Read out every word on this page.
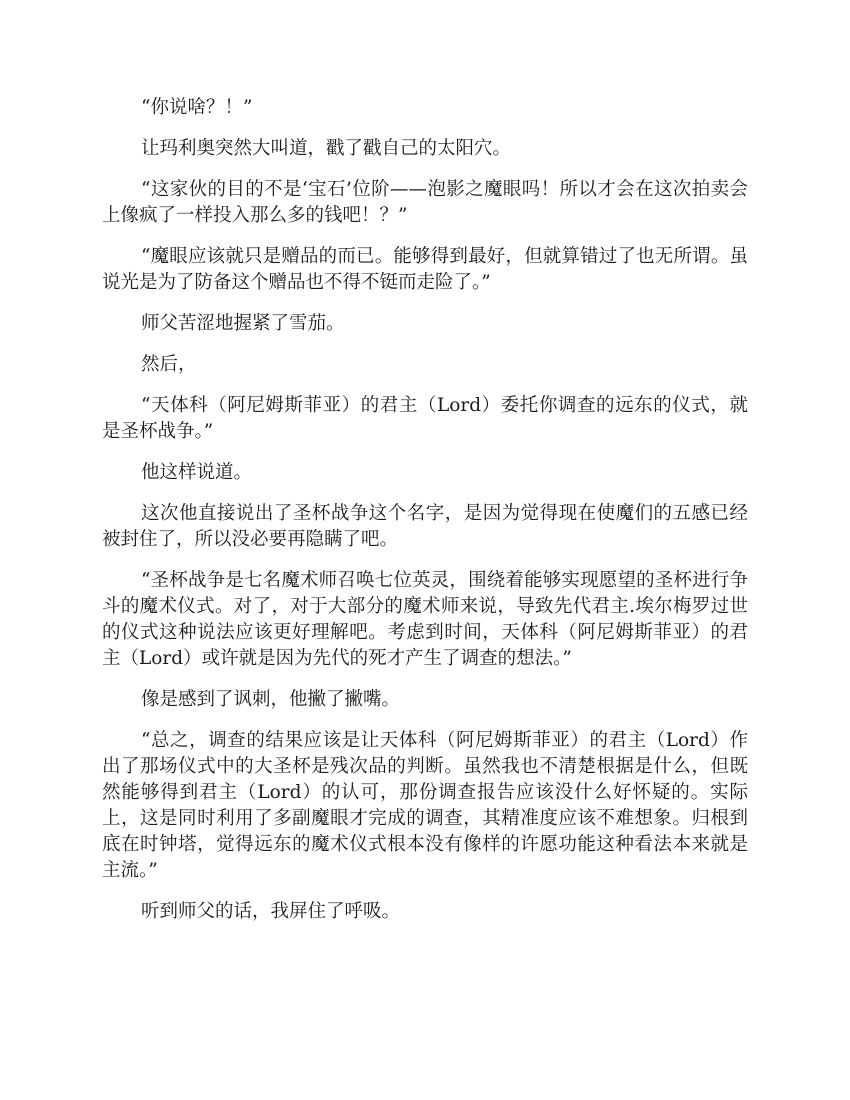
“你说啥？！”

让玛利奥突然大叫道，戳了戳自己的太阳穴。

“这家伙的目的不是‘宝石’位阶——泡影之魔眼吗！所以才会在这次拍卖会上像疯了一样投入那么多的钱吧！？”

“魔眼应该就只是赠品的而已。能够得到最好，但就算错过了也无所谓。虽说光是为了防备这个赠品也不得不铤而走险了。”

师父苦涩地握紧了雪茄。

然后，

“天体科（阿尼姆斯菲亚）的君主（Lord）委托你调查的远东的仪式，就是圣杯战争。”

他这样说道。

这次他直接说出了圣杯战争这个名字，是因为觉得现在使魔们的五感已经被封住了，所以没必要再隐瞒了吧。

“圣杯战争是七名魔术师召唤七位英灵，围绕着能够实现愿望的圣杯进行争斗的魔术仪式。对了，对于大部分的魔术师来说，导致先代君主.埃尔梅罗过世的仪式这种说法应该更好理解吧。考虑到时间，天体科（阿尼姆斯菲亚）的君主（Lord）或许就是因为先代的死才产生了调查的想法。”

像是感到了讽刺，他撇了撇嘴。

“总之，调查的结果应该是让天体科（阿尼姆斯菲亚）的君主（Lord）作出了那场仪式中的大圣杯是残次品的判断。虽然我也不清楚根据是什么，但既然能够得到君主（Lord）的认可，那份调查报告应该没什么好怀疑的。实际上，这是同时利用了多副魔眼才完成的调查，其精准度应该不难想象。归根到底在时钟塔，觉得远东的魔术仪式根本没有像样的许愿功能这种看法本来就是主流。”

听到师父的话，我屏住了呼吸。
